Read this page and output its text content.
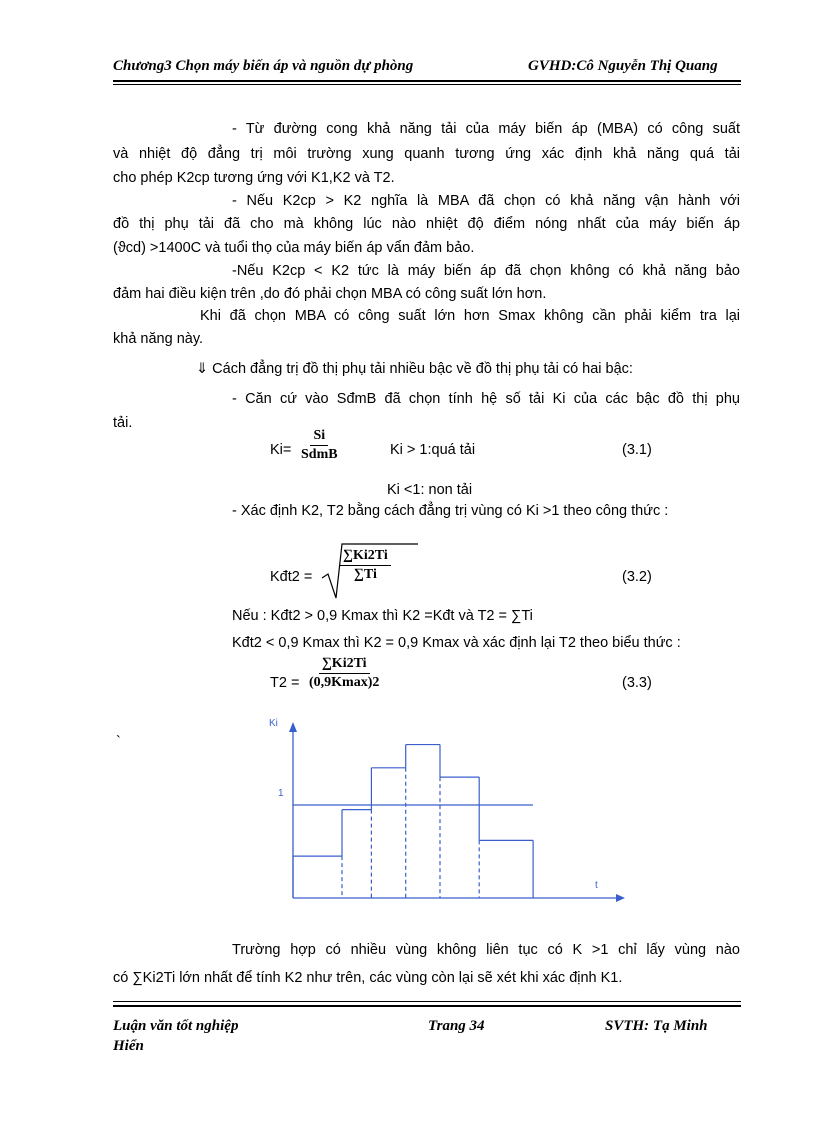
Chương3 Chọn máy biến áp và nguồn dự phòng	GVHD:Cô Nguyễn Thị Quang
- Từ đường cong khả năng tải của máy biến áp (MBA) có công suất
và nhiệt độ đẳng trị môi trường xung quanh tương ứng xác định khả năng quá tải
cho phép K2cp tương ứng với K1,K2 và T2.
- Nếu K2cp > K2 nghĩa là MBA đã chọn có khả năng vận hành với
đồ thị phụ tải đã cho mà không lúc nào nhiệt độ điểm nóng nhất của máy biến áp
(ϑcd) >1400C và tuổi thọ của máy biến áp vẩn đảm bảo.
-Nếu K2cp < K2 tức là máy biến áp đã chọn không có khả năng bảo
đảm hai điều kiện trên ,do đó phải chọn MBA có công suất lớn hơn.
Khi đã chọn MBA có công suất lớn hơn Smax không cần phải kiểm tra lại
khả năng này.
⇓ Cách đẳng trị đồ thị phụ tải nhiều bậc về đồ thị phụ tải có hai bậc:
- Căn cứ vào SđmB đã chọn tính hệ số tải Ki của các bậc đồ thị phụ
tải.
$Ki= \frac{Si}{\text{SdmB}}$	Ki > 1:quá tải	(3.1)
Ki <1: non tải
- Xác định K2, T2 bằng cách đẳng trị vùng có Ki >1 theo công thức :
Kđt2 = $\frac{\sum Ki2Ti}{\sum Ti}$	(3.2)
Nếu : Kđt2 > 0,9 Kmax thì K2 =Kđt và T2 = ∑Ti
Kđt2 < 0,9 Kmax thì K2 = 0,9 Kmax và xác định lại T2 theo biểu thức :
$T2 = \frac{\sum Ki2Ti}{(0,9Kmax)2}$	(3.3)
`
Ki
1
t
Trường hợp có nhiều vùng không liên tục có K >1 chỉ lấy vùng nào
có ∑Ki2Ti lớn nhất để tính K2 như trên, các vùng còn lại sẽ xét khi xác định K1.
Luận văn tốt nghiệp
Hiển
Trang 34	SVTH: Tạ Minh
